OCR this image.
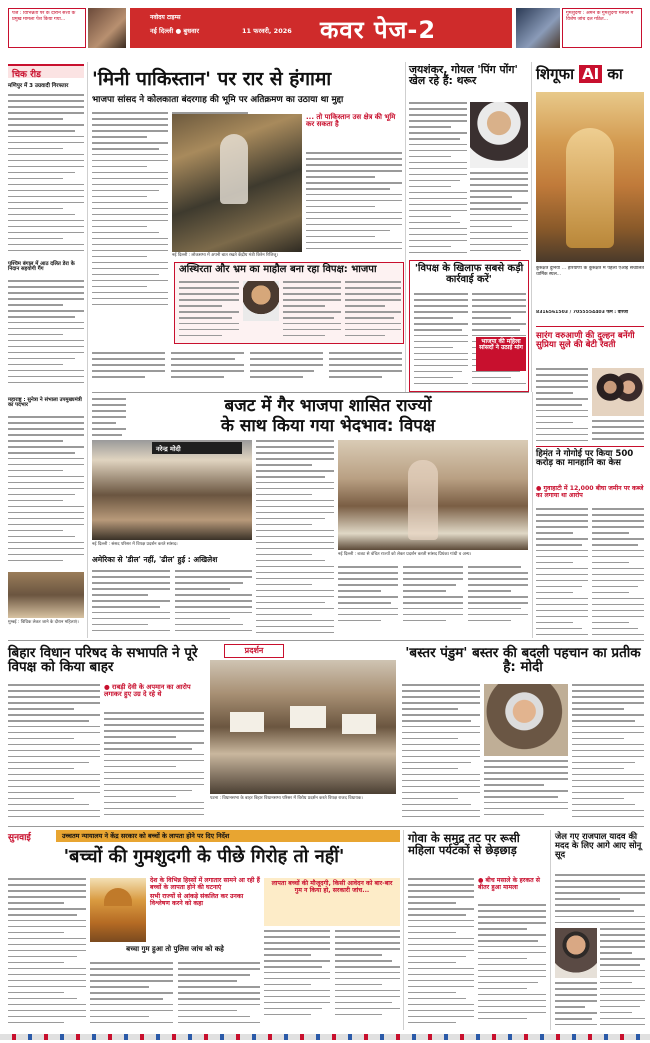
पेज : विभिन्नता पर के दौरान सत्ता के प्रमुख मामला पेश किया गया...	नवोदय टाइम्स
नई दिल्ली ● बुधवार	11 फरवरी, 2026 कवर पेज-2
गुमशुदगी : अमन के गुमशुदगी मामले में विशेष जांच दल गठित...
चिक रीड
मणिपुर में 3 उग्रवादी गिरफ्तार
पश्चिम बंगाल में आठ दलित डेरा के निदान सहयोगी गैंग
महाराष्ट्र : सुनेत्रा ने संभाला उपमुख्यमंत्री का पदभार
मुम्बई : विधिक लेकर जाने के दौरान महिलाएं।
'मिनी पाकिस्तान' पर रार से हंगामा
भाजपा सांसद ने कोलकाता बंदरगाह की भूमि पर अतिक्रमण का उठाया था मुद्दा
नई दिल्ली : लोकसभा में अपनी बात रखते केंद्रीय मंत्री किरेन रिजिजू।
... तो पाकिस्तान उस क्षेत्र की भूमि कर सकता है
अस्थिरता और भ्रम का माहौल बना रहा विपक्ष: भाजपा
जयशंकर, गोयल 'पिंग पोंग' खेल रहे हैं: थरूर
'विपक्ष के खिलाफ सबसे कड़ी कार्रवाई करें'
भाजपा की महिला सांसदों ने उठाई मांग
शिगूफा AI का
कुरुक्षेत्र दुनिया ... हरियाणा के कुरुक्षेत्र में पहला एआई संचालित धार्मिक स्थल...
8316561503 / 7055554403 फर्म : वीरजी
सारंग वरुआणी की दुल्हन बनेंगी सुप्रिया सुले की बेटी रेवती
हिमंत ने गोगोई पर किया 500 करोड़ का मानहानि का केस
● गुवाहाटी में 12,000 बीघा जमीन पर कब्जे का लगाया था आरोप
बजट में गैर भाजपा शासित राज्यों
के साथ किया गया भेदभाव: विपक्ष
नरेन्द्र मोदी
नई दिल्ली : संसद परिसर में विपक्ष प्रदर्शन करते सांसद।
नई दिल्ली : बजट से वंचित राज्यों को लेकर प्रदर्शन करती सांसद प्रियंका गांधी व अन्य।
अमेरिका से 'डील' नहीं, 'ढील' हुई : अखिलेश
बिहार विधान परिषद के सभापति ने पूरे विपक्ष को किया बाहर
● राबड़ी देवी के अपमान का आरोप लगाकर हुए उग्र दे रहे थे
प्रदर्शन
पटना : विधानसभा के बाहर बिहार विधानसभा परिसर में विरोध प्रदर्शन करते विपक्ष राजद विधायक।
'बस्तर पंडुम' बस्तर की बदली पहचान का प्रतीक है: मोदी
सुनवाई	उच्चतम न्यायालय ने केंद्र सरकार को बच्चों के लापता होने पर दिए निर्देश
'बच्चों की गुमशुदगी के पीछे गिरोह तो नहीं'
देश के विभिन्न हिस्सों में लगातार सामने आ रही हैं बच्चों के लापता होने की घटनाएं
सभी राज्यों से आंकड़े संकलित कर उनका विश्लेषण करने को कहा
बच्चा गुम हुआ तो पुलिस जांच को कहे
लापता बच्चों की मौजूदगी, किसी आवेदन को बार-बार गुम न किया हो, सरकारी जांच...
गोवा के समुद्र तट पर रूसी महिला पर्यटकों से छेड़छाड़
● बीच मसाले के हरकत से बीतर हुआ मामला
जेल गए राजपाल यादव की मदद के लिए आगे आए सोनू सूद
